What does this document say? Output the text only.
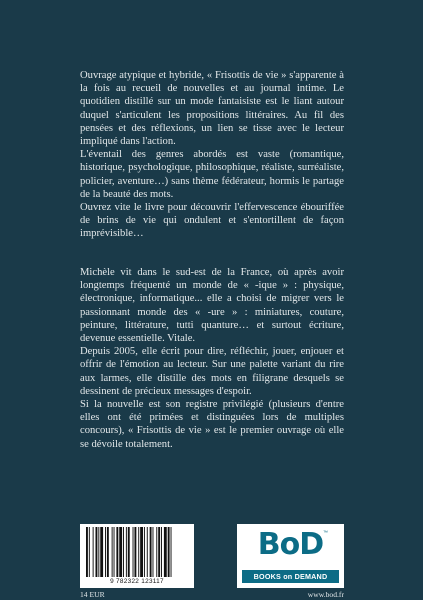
Ouvrage atypique et hybride, « Frisottis de vie » s'apparente à la fois au recueil de nouvelles et au journal intime. Le quotidien distillé sur un mode fantaisiste est le liant autour duquel s'articulent les propositions littéraires. Au fil des pensées et des réflexions, un lien se tisse avec le lecteur impliqué dans l'action.

L'éventail des genres abordés est vaste (romantique, historique, psychologique, philosophique, réaliste, surréaliste, policier, aventure…) sans thème fédérateur, hormis le partage de la beauté des mots.

Ouvrez vite le livre pour découvrir l'effervescence ébouriffée de brins de vie qui ondulent et s'entortillent de façon imprévisible…

Michèle vit dans le sud-est de la France, où après avoir longtemps fréquenté un monde de « -ique » : physique, électronique, informatique... elle a choisi de migrer vers le passionnant monde des « -ure » : miniatures, couture, peinture, littérature, tutti quanture… et surtout écriture, devenue essentielle. Vitale.

Depuis 2005, elle écrit pour dire, réfléchir, jouer, enjouer et offrir de l'émotion au lecteur. Sur une palette variant du rire aux larmes, elle distille des mots en filigrane desquels se dessinent de précieux messages d'espoir.

Si la nouvelle est son registre privilégié (plusieurs d'entre elles ont été primées et distinguées lors de multiples concours), « Frisottis de vie » est le premier ouvrage où elle se dévoile totalement.

9 782322 123117
BoD ™
BOOKS on DEMAND
14 EUR	www.bod.fr
